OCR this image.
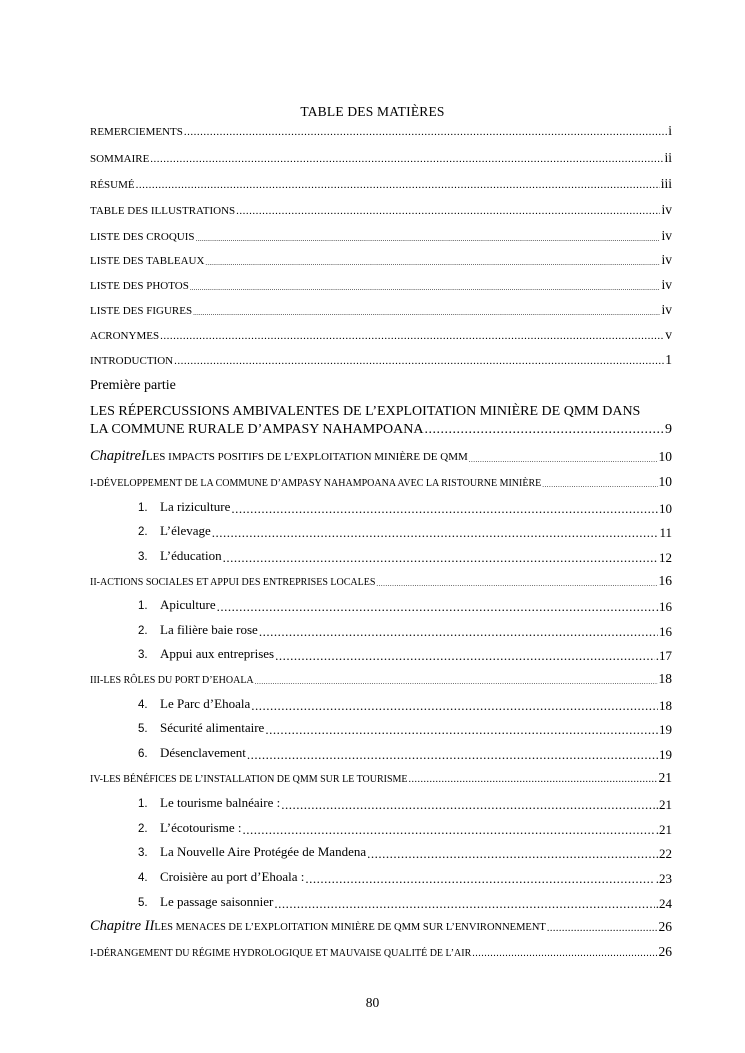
TABLE DES MATIÈRES
REMERCIEMENTS .....	i
SOMMAIRE .....	ii
RÉSUMÉ .....	iii
TABLE DES ILLUSTRATIONS .....	iv
LISTE DES CROQUIS .....	iv
LISTE DES TABLEAUX .....	iv
LISTE DES PHOTOS .....	iv
LISTE DES FIGURES .....	iv
ACRONYMES .....	v
INTRODUCTION .....	1
Première partie
LES RÉPERCUSSIONS AMBIVALENTES DE L’EXPLOITATION MINIÈRE DE QMM DANS
LA COMMUNE RURALE D’AMPASY NAHAMPOANA .....	9
ChapitreILES IMPACTS POSITIFS DE L’EXPLOITATION MINIÈRE DE QMM .....	10
I-DÉVELOPPEMENT DE LA COMMUNE D’AMPASY NAHAMPOANA AVEC LA RISTOURNE MINIÈRE .....	10
1. La riziculture .....	10
2. L’élevage .....	11
3. L’éducation .....	12
II-ACTIONS SOCIALES ET APPUI DES ENTREPRISES LOCALES .....	16
1. Apiculture .....	.16
2. La filière baie rose .....	16
3. Appui aux entreprises .....	.17
III-LES RÔLES DU PORT D’EHOALA .....	18
4. Le Parc d’Ehoala .....	18
5. Sécurité alimentaire .....	19
6. Désenclavement .....	19
IV-LES BÉNÉFICES DE L’INSTALLATION DE QMM SUR LE TOURISME .....	21
1. Le tourisme balnéaire : .....	.21
2. L’écotourisme : .....	.21
3. La Nouvelle Aire Protégée de Mandena .....	.22
4. Croisière au port d’Ehoala : .....	.23
5. Le passage saisonnier .....	.24
Chapitre IILES MENACES DE L’EXPLOITATION MINIÈRE DE QMM SUR L’ENVIRONNEMENT .....	26
I-DÉRANGEMENT DU RÉGIME HYDROLOGIQUE ET MAUVAISE QUALITÉ DE L’AIR .....	26
80
